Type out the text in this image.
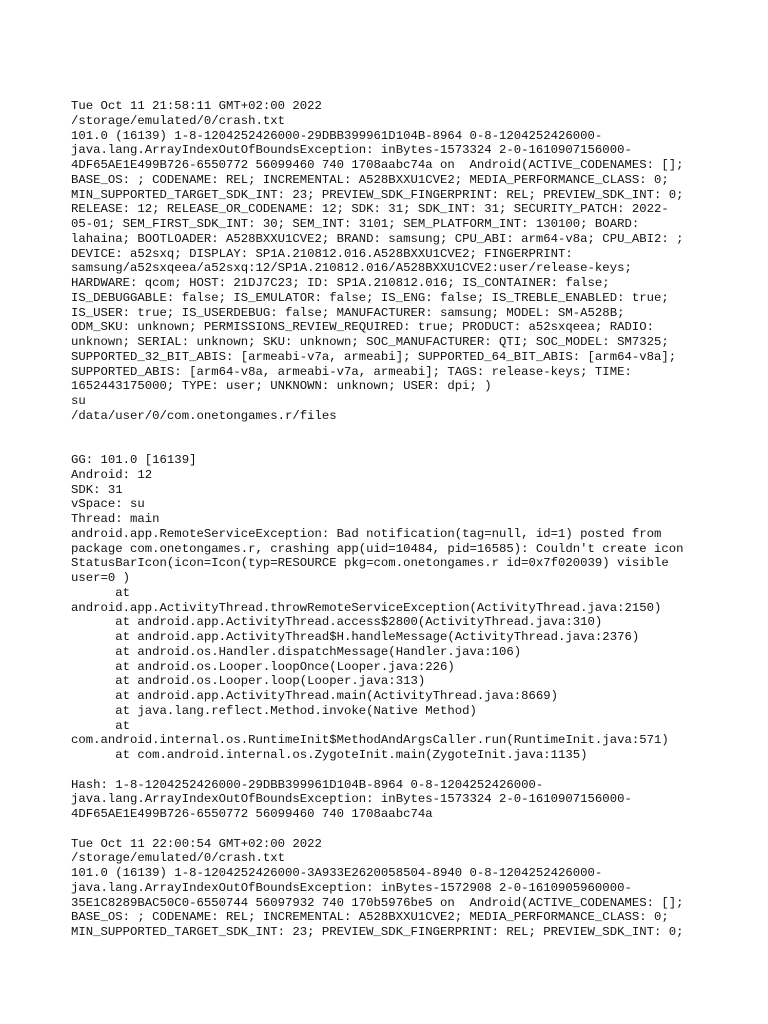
Tue Oct 11 21:58:11 GMT+02:00 2022
/storage/emulated/0/crash.txt
101.0 (16139) 1-8-1204252426000-29DBB399961D104B-8964 0-8-1204252426000-
java.lang.ArrayIndexOutOfBoundsException: inBytes-1573324 2-0-1610907156000-
4DF65AE1E499B726-6550772 56099460 740 1708aabc74a on  Android(ACTIVE_CODENAMES: [];
BASE_OS: ; CODENAME: REL; INCREMENTAL: A528BXXU1CVE2; MEDIA_PERFORMANCE_CLASS: 0;
MIN_SUPPORTED_TARGET_SDK_INT: 23; PREVIEW_SDK_FINGERPRINT: REL; PREVIEW_SDK_INT: 0;
RELEASE: 12; RELEASE_OR_CODENAME: 12; SDK: 31; SDK_INT: 31; SECURITY_PATCH: 2022-
05-01; SEM_FIRST_SDK_INT: 30; SEM_INT: 3101; SEM_PLATFORM_INT: 130100; BOARD:
lahaina; BOOTLOADER: A528BXXU1CVE2; BRAND: samsung; CPU_ABI: arm64-v8a; CPU_ABI2: ;
DEVICE: a52sxq; DISPLAY: SP1A.210812.016.A528BXXU1CVE2; FINGERPRINT:
samsung/a52sxqeea/a52sxq:12/SP1A.210812.016/A528BXXU1CVE2:user/release-keys;
HARDWARE: qcom; HOST: 21DJ7C23; ID: SP1A.210812.016; IS_CONTAINER: false;
IS_DEBUGGABLE: false; IS_EMULATOR: false; IS_ENG: false; IS_TREBLE_ENABLED: true;
IS_USER: true; IS_USERDEBUG: false; MANUFACTURER: samsung; MODEL: SM-A528B;
ODM_SKU: unknown; PERMISSIONS_REVIEW_REQUIRED: true; PRODUCT: a52sxqeea; RADIO:
unknown; SERIAL: unknown; SKU: unknown; SOC_MANUFACTURER: QTI; SOC_MODEL: SM7325;
SUPPORTED_32_BIT_ABIS: [armeabi-v7a, armeabi]; SUPPORTED_64_BIT_ABIS: [arm64-v8a];
SUPPORTED_ABIS: [arm64-v8a, armeabi-v7a, armeabi]; TAGS: release-keys; TIME:
1652443175000; TYPE: user; UNKNOWN: unknown; USER: dpi; )
su
/data/user/0/com.onetongames.r/files
GG: 101.0 [16139]
Android: 12
SDK: 31
vSpace: su
Thread: main
android.app.RemoteServiceException: Bad notification(tag=null, id=1) posted from
package com.onetongames.r, crashing app(uid=10484, pid=16585): Couldn't create icon
StatusBarIcon(icon=Icon(typ=RESOURCE pkg=com.onetongames.r id=0x7f020039) visible
user=0 )
at
android.app.ActivityThread.throwRemoteServiceException(ActivityThread.java:2150)
at android.app.ActivityThread.access$2800(ActivityThread.java:310)
at android.app.ActivityThread$H.handleMessage(ActivityThread.java:2376)
at android.os.Handler.dispatchMessage(Handler.java:106)
at android.os.Looper.loopOnce(Looper.java:226)
at android.os.Looper.loop(Looper.java:313)
at android.app.ActivityThread.main(ActivityThread.java:8669)
at java.lang.reflect.Method.invoke(Native Method)
at
com.android.internal.os.RuntimeInit$MethodAndArgsCaller.run(RuntimeInit.java:571)
at com.android.internal.os.ZygoteInit.main(ZygoteInit.java:1135)
Hash: 1-8-1204252426000-29DBB399961D104B-8964 0-8-1204252426000-
java.lang.ArrayIndexOutOfBoundsException: inBytes-1573324 2-0-1610907156000-
4DF65AE1E499B726-6550772 56099460 740 1708aabc74a
Tue Oct 11 22:00:54 GMT+02:00 2022
/storage/emulated/0/crash.txt
101.0 (16139) 1-8-1204252426000-3A933E2620058504-8940 0-8-1204252426000-
java.lang.ArrayIndexOutOfBoundsException: inBytes-1572908 2-0-1610905960000-
35E1C8289BAC50C0-6550744 56097932 740 170b5976be5 on  Android(ACTIVE_CODENAMES: [];
BASE_OS: ; CODENAME: REL; INCREMENTAL: A528BXXU1CVE2; MEDIA_PERFORMANCE_CLASS: 0;
MIN_SUPPORTED_TARGET_SDK_INT: 23; PREVIEW_SDK_FINGERPRINT: REL; PREVIEW_SDK_INT: 0;
